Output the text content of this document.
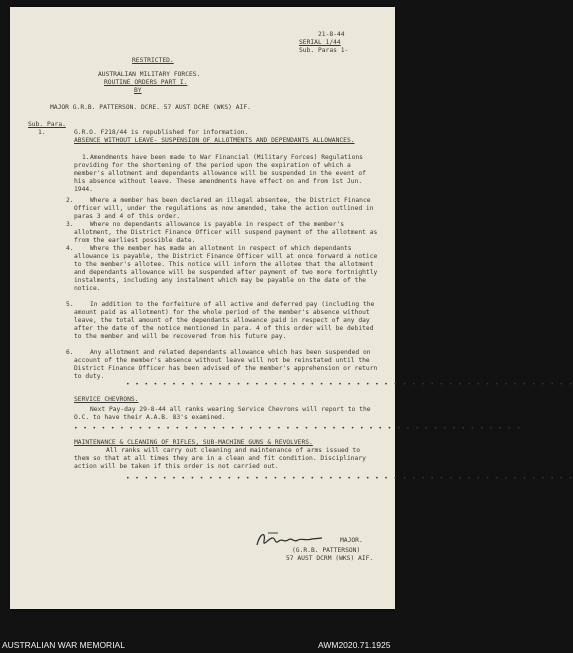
21-8-44
SERIAL 1/44
Sub. Paras 1-
RESTRICTED.
AUSTRALIAN MILITARY FORCES.
ROUTINE ORDERS PART I.
BY
MAJOR G.R.B. PATTERSON. DCRE. 57 AUST DCRE (WKS) AIF.
Sub. Para.
1.	G.R.O. F218/44 is republished for information.
ABSENCE WITHOUT LEAVE- SUSPENSION OF ALLOTMENTS AND DEPENDANTS ALLOWANCES.
1. Amendments have been made to War Financial (Military Forces) Regulations providing for the shortening of the period upon the expiration of which a member's allotment and dependants allowance will be suspended in the event of his absence without leave. These amendments have effect on and from 1st Jun. 1944.
2.	Where a member has been declared an illegal absentee, the District Finance Officer will, under the regulations as now amended, take the action outlined in paras 3 and 4 of this order.
3.	Where no dependants allowance is payable in respect of the member's allotment, the District Finance Officer will suspend payment of the allotment as from the earliest possible date.
4.	Where the member has made an allotment in respect of which dependants allowance is payable, the District Finance Officer will at once forward a notice to the member's allotee. This notice will inform the allotee that the allotment and dependants allowance will be suspended after payment of two more fortnightly instalments, including any instalment which may be payable on the date of the notice.
5.	In addition to the forfeiture of all active and deferred pay (including the amount paid as allotment) for the whole period of the member's absence without leave, the total amount of the dependants allowance paid in respect of any day after the date of the notice mentioned in para. 4 of this order will be debited to the member and will be recovered from his future pay.
6.	Any allotment and related dependants allowance which has been suspended on account of the member's absence without leave will not be reinstated until the District Finance Officer has been advised of the member's apprehension or return to duty.
• • • • • • • • • • • • • • • • • • • • • • • • • • • • • • • • • • • • • • • • • • • • • • • • •
SERVICE CHEVRONS.
Next Pay-day 29-8-44 all ranks wearing Service Chevrons will report to the O.C. to have their A.A.B. 83's examined.
• • • • • • • • • • • • • • • • • • • • • • • • • • • • • • • • • • • • • • • • • • • • • • • • •
MAINTENANCE & CLEANING OF RIFLES, SUB-MACHINE GUNS & REVOLVERS.
All ranks will carry out cleaning and maintenance of arms issued to them so that at all times they are in a clean and fit condition. Disciplinary action will be taken if this order is not carried out.
• • • • • • • • • • • • • • • • • • • • • • • • • • • • • • • • • • • • • • • • • • • • • • • • •
MAJOR.
(G.R.B. PATTERSON)
57 AUST DCRM (WKS) AIF.
AUSTRALIAN WAR MEMORIAL	AWM2020.71.1925
